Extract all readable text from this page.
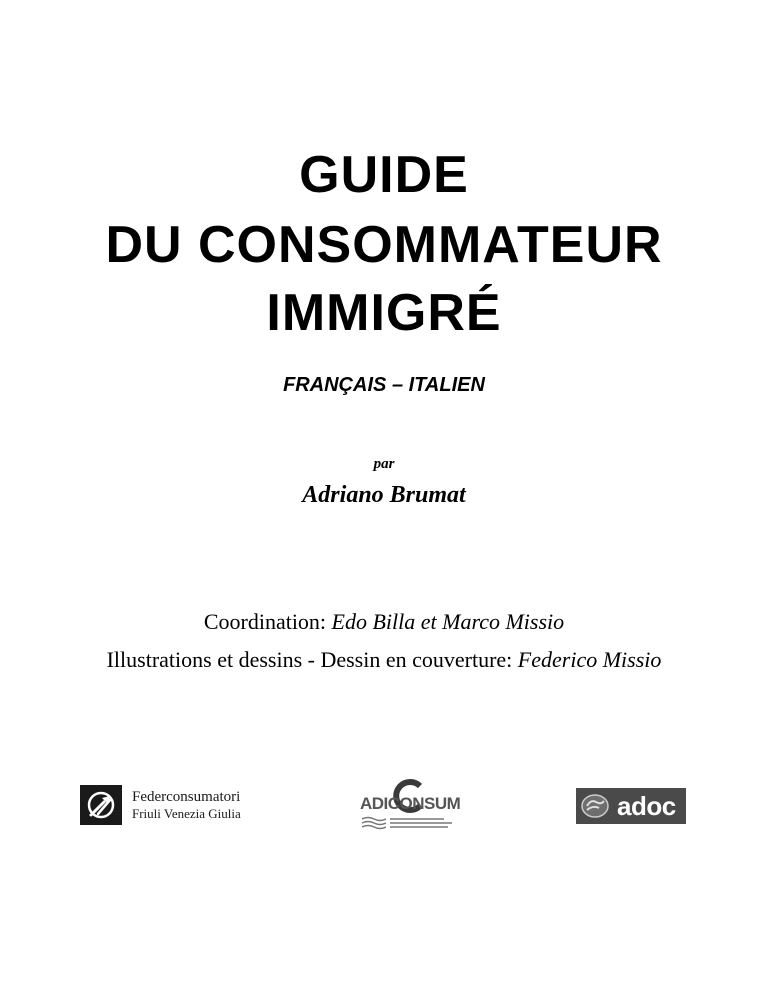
GUIDE
DU CONSOMMATEUR
IMMIGRÉ
FRANÇAIS – ITALIEN
par
Adriano Brumat
Coordination: Edo Billa et Marco Missio
Illustrations et dessins - Dessin en couverture: Federico Missio
Federconsumatori
Friuli Venezia Giulia
ADICONSUM	adoc
